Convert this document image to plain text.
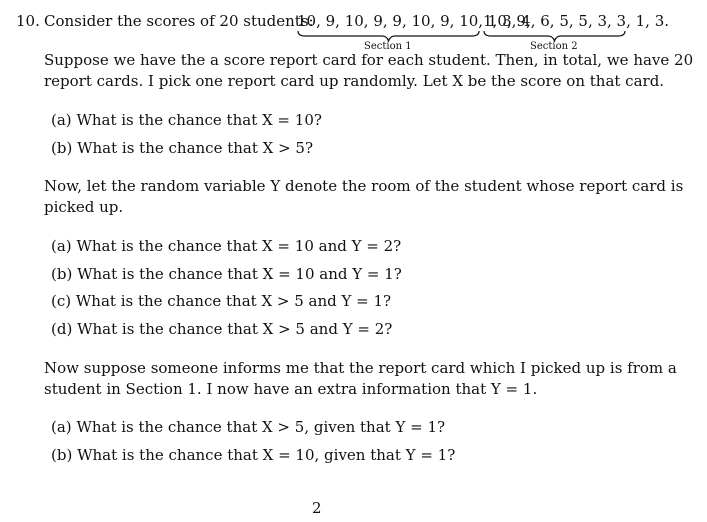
10. Consider the scores of 20 students:
10, 9, 10, 9, 9, 10, 9, 10, 10, 9,
Section 1
1, 3, 4, 6, 5, 5, 3, 3, 1, 3.
Section 2
Suppose we have the a score report card for each student. Then, in total, we have 20
report cards. I pick one report card up randomly. Let X be the score on that card.
(a) What is the chance that X = 10?
(b) What is the chance that X > 5?
Now, let the random variable Y denote the room of the student whose report card is
picked up.
(a) What is the chance that X = 10 and Y = 2?
(b) What is the chance that X = 10 and Y = 1?
(c) What is the chance that X > 5 and Y = 1?
(d) What is the chance that X > 5 and Y = 2?
Now suppose someone informs me that the report card which I picked up is from a
student in Section 1. I now have an extra information that Y = 1.
(a) What is the chance that X > 5, given that Y = 1?
(b) What is the chance that X = 10, given that Y = 1?
2
